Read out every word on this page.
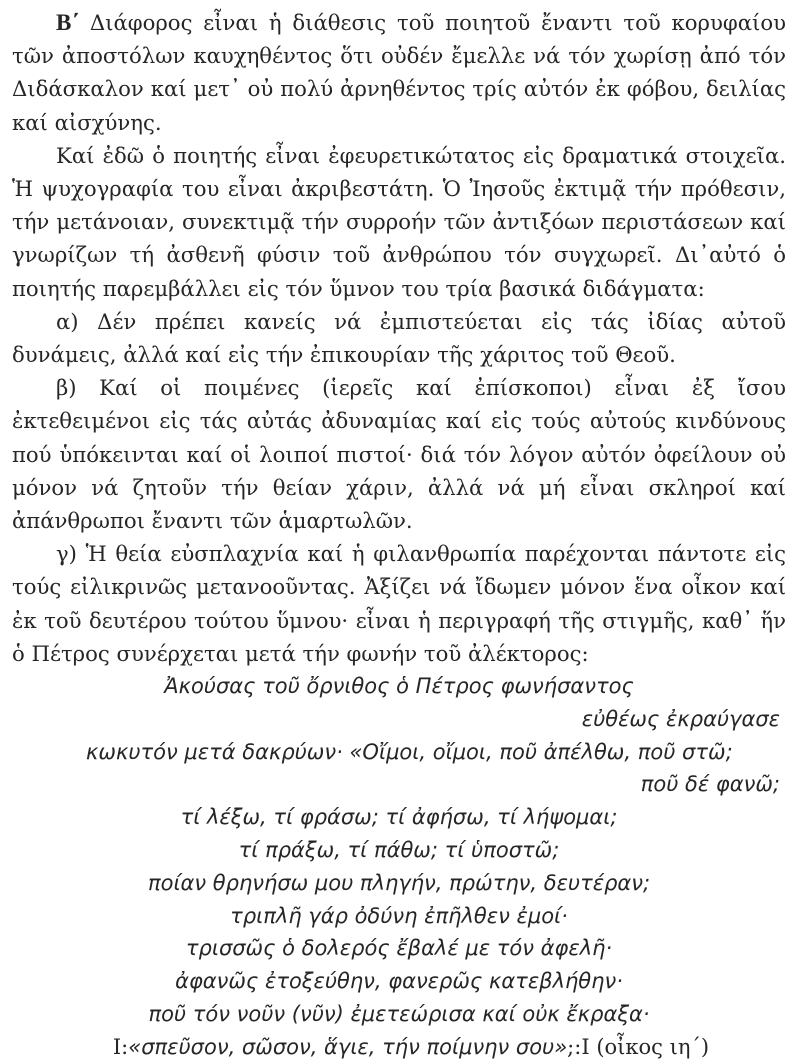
Β΄ Διάφορος εἶναι ἡ διάθεσις τοῦ ποιητοῦ ἔναντι τοῦ κορυφαίου τῶν ἀποστόλων καυχηθέντος ὅτι οὐδέν ἔμελλε νά τόν χωρίσῃ ἀπό τόν Διδάσκαλον καί μετ᾽ οὐ πολύ ἀρνηθέντος τρίς αὐτόν ἐκ φόβου, δειλίας καί αἰσχύνης.

Καί ἐδῶ ὁ ποιητής εἶναι ἐφευρετικώτατος εἰς δραματικά στοιχεῖα. Ἡ ψυχογραφία του εἶναι ἀκριβεστάτη. Ὁ Ἰησοῦς ἐκτιμᾷ τήν πρόθεσιν, τήν μετάνοιαν, συνεκτιμᾷ τήν συρροήν τῶν ἀντιξόων περιστάσεων καί γνωρίζων τή ἀσθενῆ φύσιν τοῦ ἀνθρώπου τόν συγχωρεῖ. Δι᾽αὐτό ὁ ποιητής παρεμβάλλει εἰς τόν ὕμνον του τρία βασικά διδάγματα:

α) Δέν πρέπει κανείς νά ἐμπιστεύεται εἰς τάς ἰδίας αὐτοῦ δυνάμεις, ἀλλά καί εἰς τήν ἐπικουρίαν τῆς χάριτος τοῦ Θεοῦ.

β) Καί οἱ ποιμένες (ἱερεῖς καί ἐπίσκοποι) εἶναι ἐξ ἴσου ἐκτεθειμένοι εἰς τάς αὐτάς ἀδυναμίας καί εἰς τούς αὐτούς κινδύνους πού ὑπόκεινται καί οἱ λοιποί πιστοί· διά τόν λόγον αὐτόν ὀφείλουν οὐ μόνον νά ζητοῦν τήν θείαν χάριν, ἀλλά νά μή εἶναι σκληροί καί ἀπάνθρωποι ἔναντι τῶν ἁμαρτωλῶν.

γ) Ἡ θεία εὐσπλαχνία καί ἡ φιλανθρωπία παρέχονται πάντοτε εἰς τούς εἰλικρινῶς μετανοοῦντας. Ἀξίζει νά ἴδωμεν μόνον ἕνα οἶκον καί ἐκ τοῦ δευτέρου τούτου ὕμνου· εἶναι ἡ περιγραφή τῆς στιγμῆς, καθ᾽ ἥν ὁ Πέτρος συνέρχεται μετά τήν φωνήν τοῦ ἀλέκτορος:

Ἀκούσας τοῦ ὄρνιθος ὁ Πέτρος φωνήσαντος
εὐθέως ἐκραύγασε
κωκυτόν μετά δακρύων· «Οἴμοι, οἴμοι, ποῦ ἀπέλθω, ποῦ στῶ;
ποῦ δέ φανῶ;
τί λέξω, τί φράσω; τί ἀφήσω, τί λήψομαι;
τί πράξω, τί πάθω; τί ὑποστῶ;
ποίαν θρηνήσω μου πληγήν, πρώτην, δευτέραν;
τριπλῆ γάρ ὀδύνη ἐπῆλθεν ἐμοί·
τρισσῶς ὁ δολερός ἔβαλέ με τόν ἀφελῆ·
ἀφανῶς ἐτοξεύθην, φανερῶς κατεβλήθην·
ποῦ τόν νοῦν (νῦν) ἐμετεώρισα καί οὐκ ἔκραξα·
I:«σπεῦσον, σῶσον, ἅγιε, τήν ποίμνην σου»;:I (οἶκος ιη΄)
